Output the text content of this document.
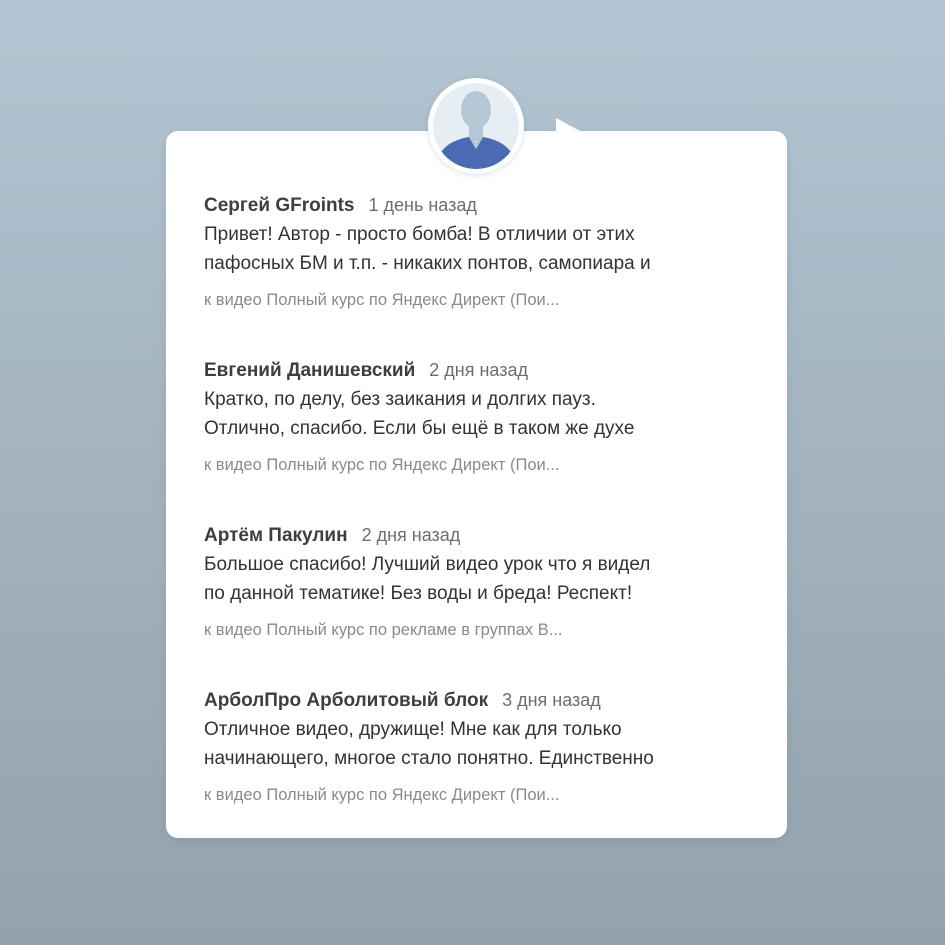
Сергей GFroints 1 день назад
Привет! Автор - просто бомба! В отличии от этих
пафосных БМ и т.п. - никаких понтов, самопиара и
к видео Полный курс по Яндекс Директ (Пои...
Евгений Данишевский 2 дня назад
Кратко, по делу, без заикания и долгих пауз.
Отлично, спасибо. Если бы ещё в таком же духе
к видео Полный курс по Яндекс Директ (Пои...
Артём Пакулин 2 дня назад
Большое спасибо! Лучший видео урок что я видел
по данной тематике! Без воды и бреда! Респект!
к видео Полный курс по рекламе в группах В...
АрболПро Арболитовый блок 3 дня назад
Отличное видео, дружище! Мне как для только
начинающего, многое стало понятно. Единственно
к видео Полный курс по Яндекс Директ (Пои...
